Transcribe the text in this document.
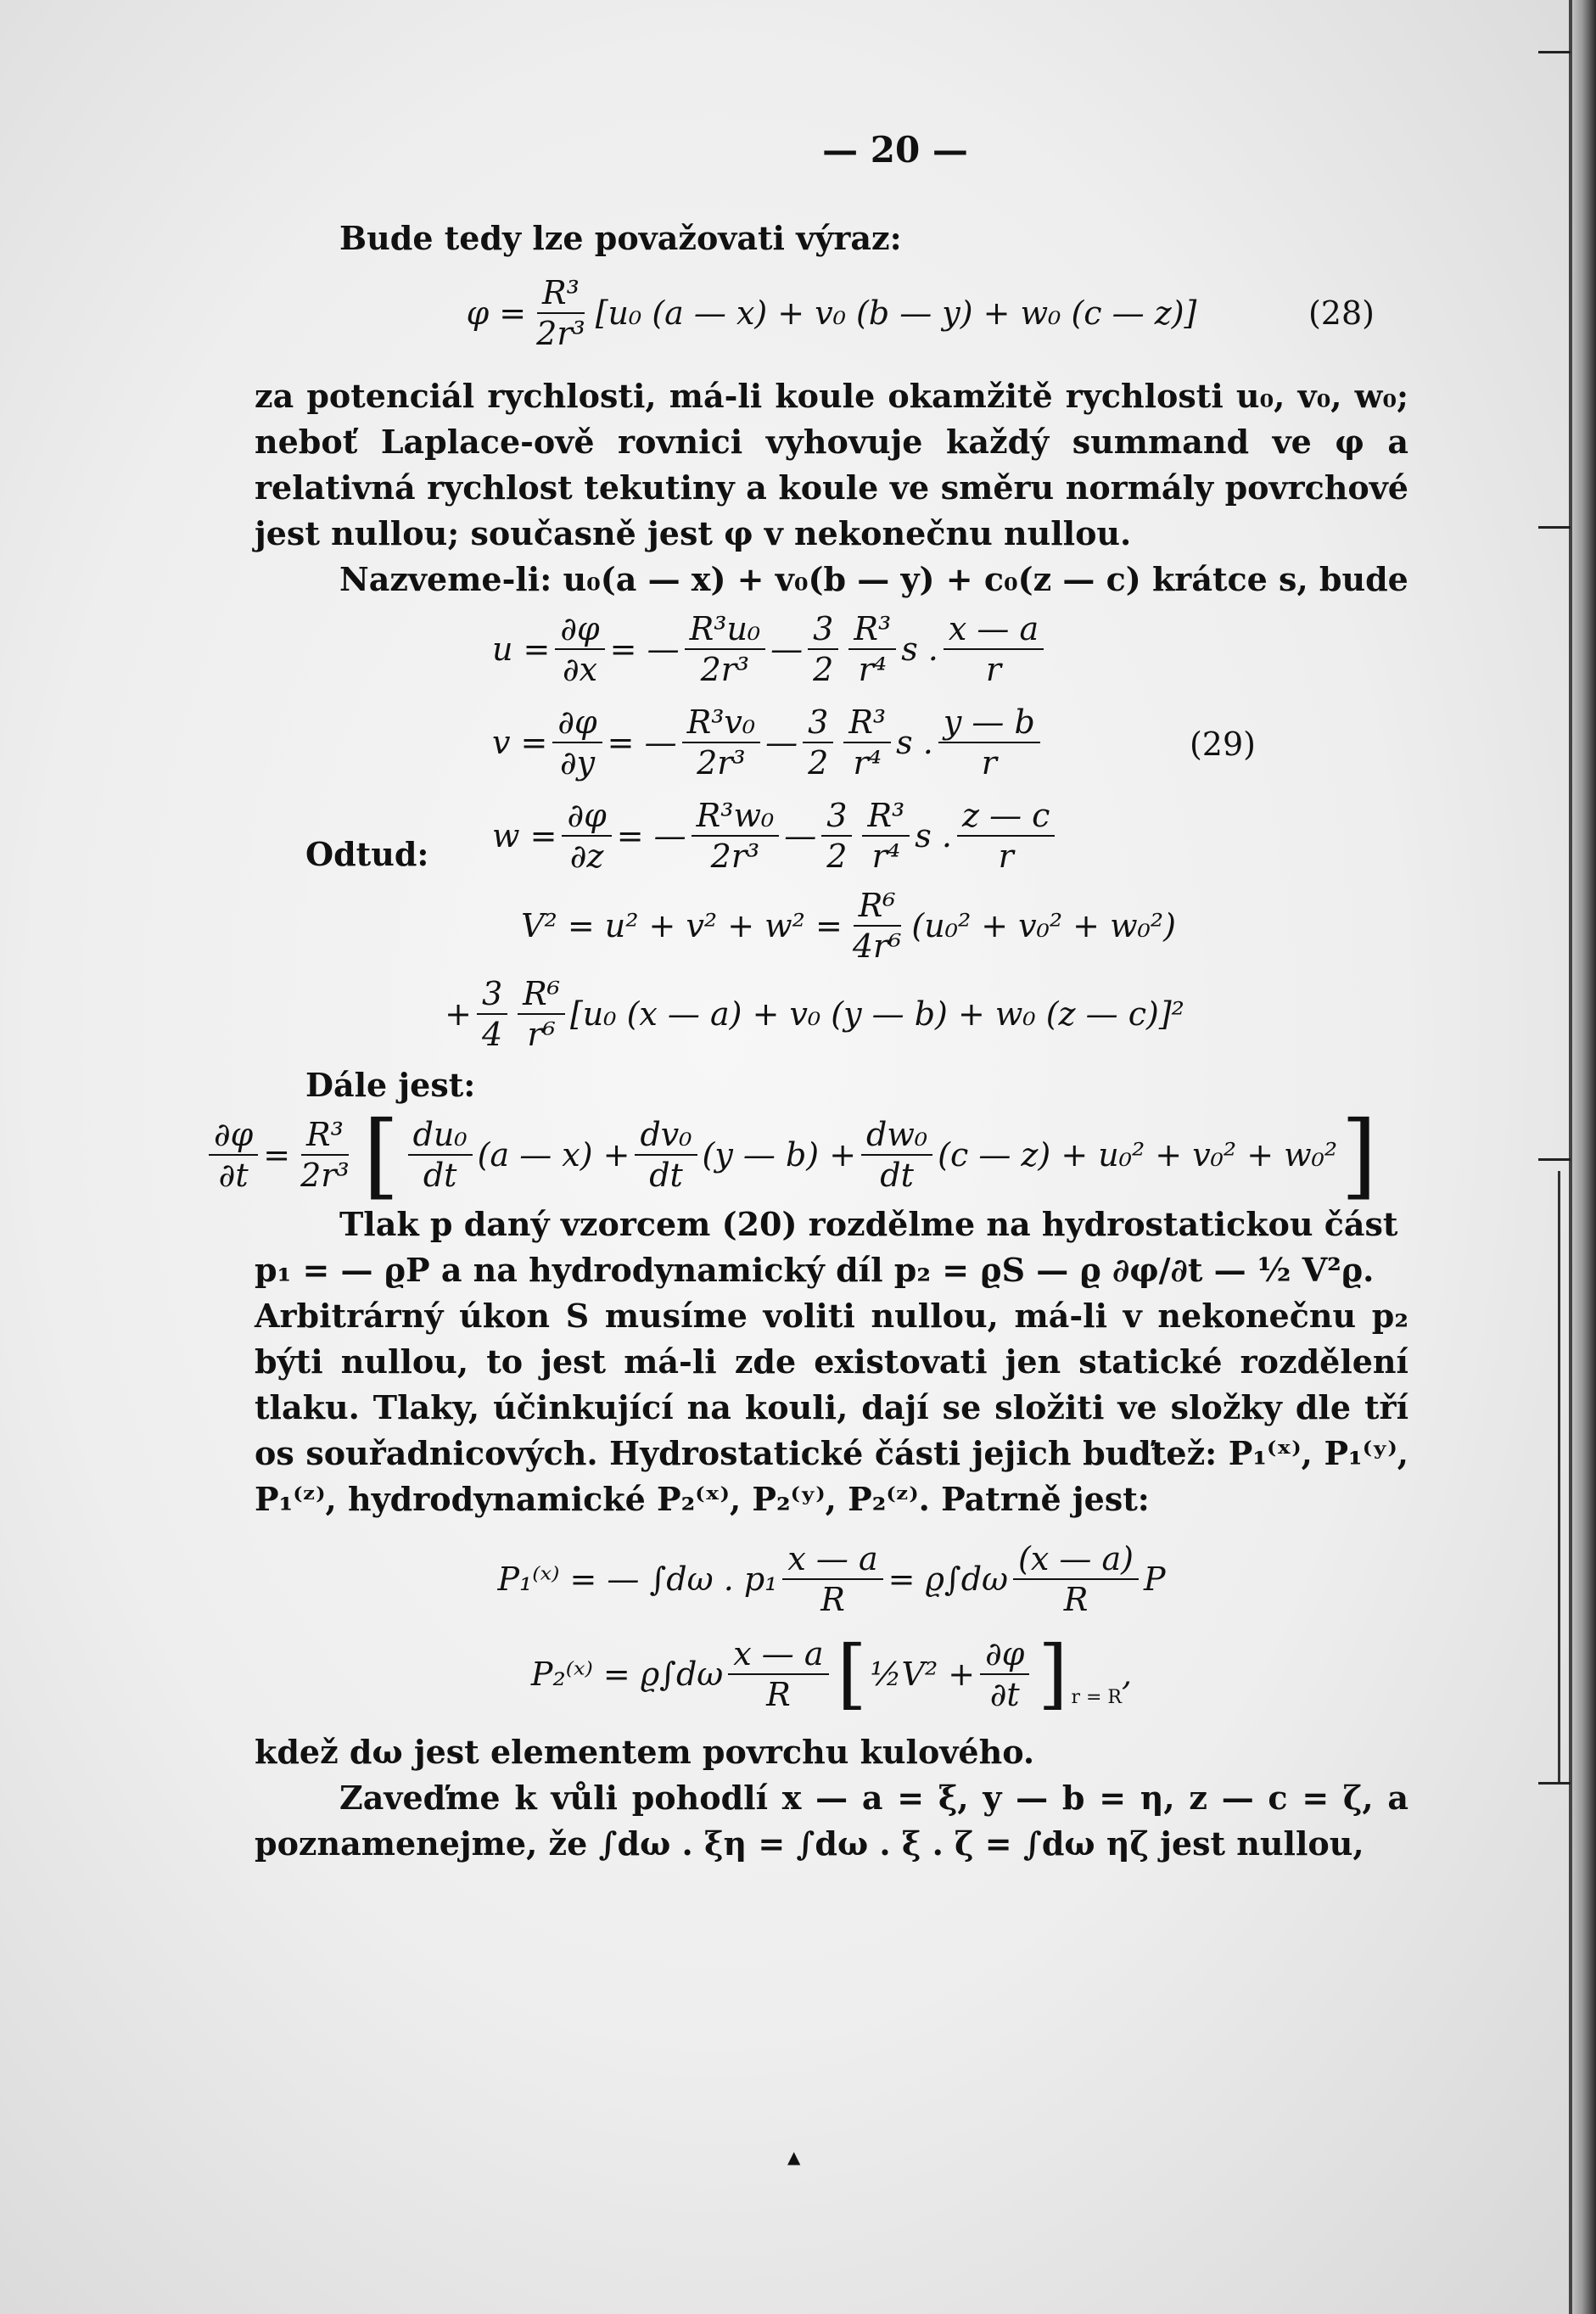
— 20 —

Bude tedy lze považovati výraz:

$\varphi = \frac{\text{R³}}{\text{2r³}} [u_0$ (a — x) + v₀ (b — y) + w₀ (c — z)]	(28)

za potenciál rychlosti, má-li koule okamžitě rychlosti u₀, v₀, w₀; neboť Laplace-ově rovnici vyhovuje každý summand ve φ a relativná rychlost tekutiny a koule ve směru normály povrchové jest nullou; současně jest φ v nekonečnu nullou.

Nazveme-li: u₀(a — x) + v₀(b — y) + c₀(z — c) krátce s, bude

$u = \frac{\partial\varphi}{\partial x}$ = — $\frac{\text{R³u₀}}{\text{2r³}}$ — $\frac{3}{2} \frac{\text{R³}}{\text{r⁴}}$ s . $\frac{x — a}{r}$
$v = \frac{\partial\varphi}{\partial y}$ = — $\frac{\text{R³v₀}}{\text{2r³}}$ — $\frac{3}{2} \frac{\text{R³}}{\text{r⁴}}$ s . $\frac{y — b}{r}$
$w = \frac{\partial\varphi}{\partial z}$ = — $\frac{\text{R³w₀}}{\text{2r³}}$ — $\frac{3}{2} \frac{\text{R³}}{\text{r⁴}}$ s . $\frac{z — c}{r}$
(29)
Odtud:
$V^2 = u^2 + v^2 + w^2 = \frac{\text{R⁶}}{\text{4r⁶}} (u_0^2 + v_0^2 + w_0^2)$
+ $\frac{3}{4} \frac{\text{R⁶}}{\text{r⁶}} [u_0$ (x — a) + v₀ (y — b) + w₀ (z — c)]²
Dále jest:
$\frac{\partial\varphi}{\partial t} = \frac{\text{R³}}{\text{2r³}}$ [ $\frac{\text{du₀}}{dt} (a$ — $x) + \frac{\text{dv₀}}{dt} (y$ — $b) + \frac{\text{dw₀}}{dt} (c$ — z) + u₀² + v₀² + w₀² ]

Tlak p daný vzorcem (20) rozdělme na hydrostatickou část

p₁ = — ϱP a na hydrodynamický díl p₂ = ϱS — ϱ ∂φ/∂t — ½ V²ϱ.

Arbitrárný úkon S musíme voliti nullou, má-li v nekonečnu p₂ býti nullou, to jest má-li zde existovati jen statické rozdělení tlaku. Tlaky, účinkující na kouli, dají se složiti ve složky dle tří os souřadnicových. Hydrostatické části jejich buďtež: P₁⁽ˣ⁾, P₁⁽ʸ⁾, P₁⁽ᶻ⁾, hydrodynamické P₂⁽ˣ⁾, P₂⁽ʸ⁾, P₂⁽ᶻ⁾. Patrně jest:

P₁⁽ˣ⁾ = — ∫dω . $p_1 \frac{x — a}{R} = ϱ\int d\omega \frac{(x — a)}{R}$ P
P₂⁽ˣ⁾ = $ϱ\int d\omega \frac{x — a}{R}$ [ ½V² + $\frac{\partial\varphi}{\partial t}$ ] r = R
,

kdež dω jest elementem povrchu kulového.

Zaveďme k vůli pohodlí x — a = ξ, y — b = η, z — c = ζ, a poznamenejme, že ∫dω . ξη = ∫dω . ξ . ζ = ∫dω ηζ jest nullou,

▲
